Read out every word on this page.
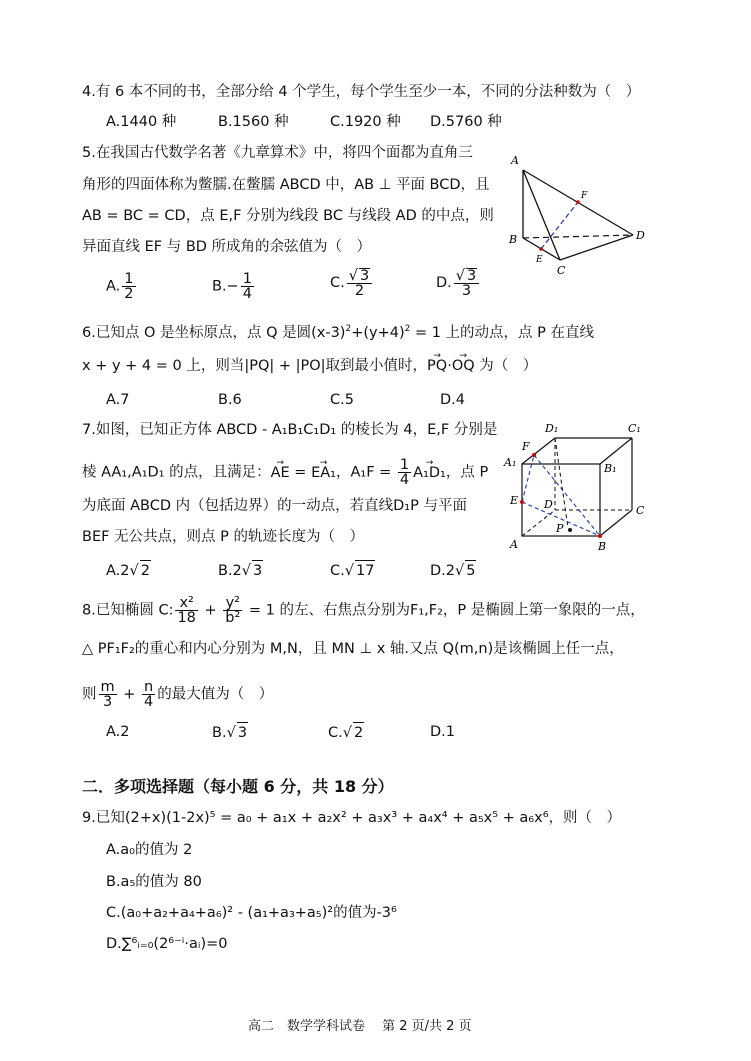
4.有 6 本不同的书，全部分给 4 个学生，每个学生至少一本，不同的分法种数为（　）
A.1440 种	B.1560 种	C.1920 种 D.5760 种
5.在我国古代数学名著《九章算术》中，将四个面都为直角三
角形的四面体称为鳖臑.在鳖臑 ABCD 中，AB ⊥ 平面 BCD，且
AB = BC = CD，点 E,F 分别为线段 BC 与线段 AD 的中点，则
异面直线 EF 与 BD 所成角的余弦值为（　）
A. $\frac{1}{2}$	$B.- \frac{1}{4}$	C. $\frac{√ 3}{2}$	D. $\frac{√ 3}{3}$
A
B
C
D
E
F
6.已知点 O 是坐标原点，点 Q 是圆$(x-3)^2+(y+4)^2 = 1$ 上的动点，点 P 在直线
x + y + 4 = 0 上，则当|PQ| + |PO|取到最小值时，→ PQ·→ OQ 为（　）
A.7	B.6	C.5	D.4
7.如图，已知正方体 ABCD - A₁B₁C₁D₁ 的棱长为 4，E,F 分别是
棱 AA₁,A₁D₁ 的点，且满足：→ AE = → EA₁，$A_1F = \frac{1}{4}$
→ A₁D₁，点 P
为底面 ABCD 内（包括边界）的一动点，若直线D₁P 与平面
BEF 无公共点，则点 P 的轨迹长度为（　）
A.2√ 2	B.2√ 3	C.√ 17	D.2√ 5
A	B
C
D
A₁	B₁
C₁
D₁
E
F
P
8.已知椭圆 C: $\frac{\text{x²}}{18} + \frac{\text{y²}}{\text{b²}} = 1$ 的左、右焦点分别为F₁,F₂，P 是椭圆上第一象限的一点，
△ PF₁F₂的重心和内心分别为 M,N，且 MN ⊥ x 轴.又点 Q(m,n)是该椭圆上任一点，
则 $\frac{m}{3} + \frac{n}{4}$ 的最大值为（　）
A.2	B.√ 3	C.√ 2	D.1
二．多项选择题（每小题 6 分，共 18 分）
9.已知(2+x)(1-2x)⁵ = a₀ + a₁x + a₂x² + a₃x³ + a₄x⁴ + a₅x⁵ + a₆x⁶，则（　）
A.a₀的值为 2
B.a₅的值为 80
C.(a₀+a₂+a₄+a₆)² - (a₁+a₃+a₅)²的值为-3⁶
D.∑⁶ᵢ₌₀(2⁶⁻ⁱ·aᵢ)=0
高二　数学学科试卷　 第 2 页/共 2 页
